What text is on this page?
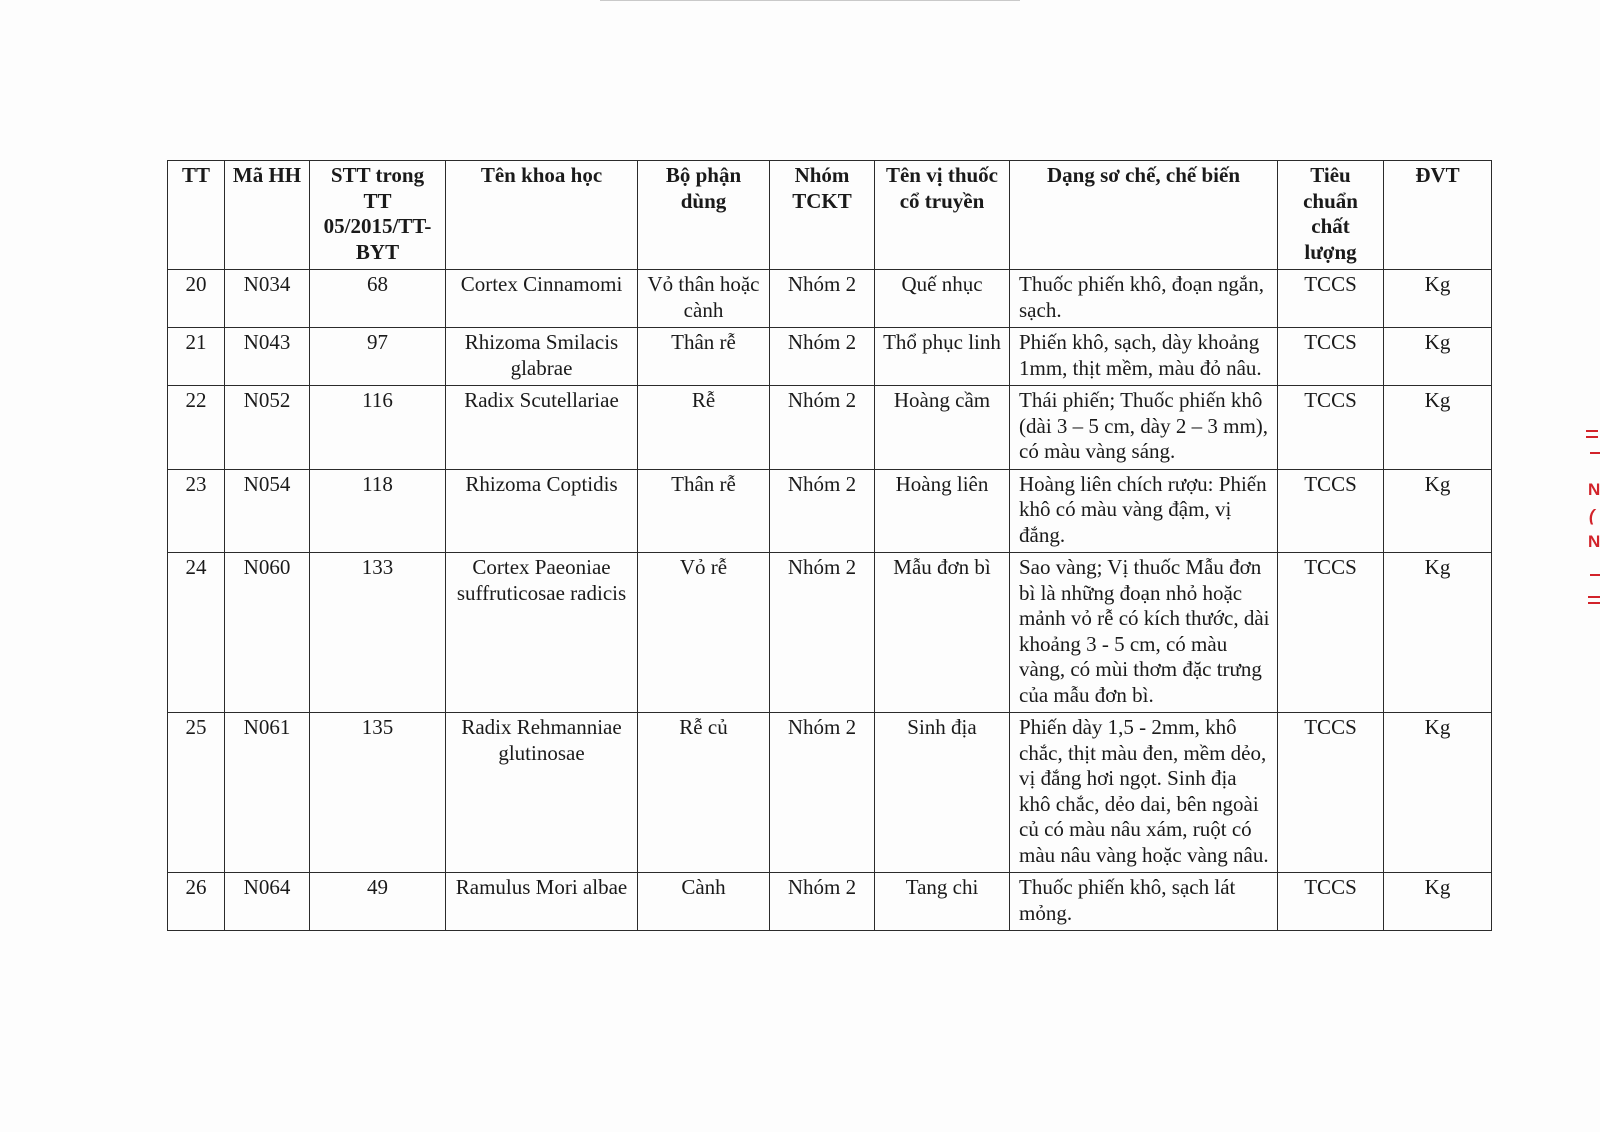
TT	Mã HH	STT trong TT 05/2015/TT-BYT	Tên khoa học	Bộ phận dùng	Nhóm TCKT	Tên vị thuốc cổ truyền	Dạng sơ chế, chế biến	Tiêu chuẩn chất lượng	ĐVT
20	N034	68	Cortex Cinnamomi	Vỏ thân hoặc cành	Nhóm 2	Quế nhục	Thuốc phiến khô, đoạn ngắn, sạch.	TCCS	Kg
21	N043	97	Rhizoma Smilacis glabrae	Thân rễ	Nhóm 2	Thổ phục linh	Phiến khô, sạch, dày khoảng 1mm, thịt mềm, màu đỏ nâu.	TCCS	Kg
22	N052	116	Radix Scutellariae	Rễ	Nhóm 2	Hoàng cầm	Thái phiến; Thuốc phiến khô (dài 3 – 5 cm, dày 2 – 3 mm), có màu vàng sáng.	TCCS	Kg
23	N054	118	Rhizoma Coptidis	Thân rễ	Nhóm 2	Hoàng liên	Hoàng liên chích rượu: Phiến khô có màu vàng đậm, vị đắng.	TCCS	Kg
24	N060	133	Cortex Paeoniae suffruticosae radicis	Vỏ rễ	Nhóm 2	Mẫu đơn bì	Sao vàng; Vị thuốc Mẫu đơn bì là những đoạn nhỏ hoặc mảnh vỏ rễ có kích thước, dài khoảng 3 - 5 cm, có màu vàng, có mùi thơm đặc trưng của mẫu đơn bì.	TCCS	Kg
25	N061	135	Radix Rehmanniae glutinosae	Rễ củ	Nhóm 2	Sinh địa	Phiến dày 1,5 - 2mm, khô chắc, thịt màu đen, mềm dẻo, vị đắng hơi ngọt. Sinh địa khô chắc, dẻo dai, bên ngoài củ có màu nâu xám, ruột có màu nâu vàng hoặc vàng nâu.	TCCS	Kg
26	N064	49	Ramulus Mori albae	Cành	Nhóm 2	Tang chi	Thuốc phiến khô, sạch lát mỏng.	TCCS	Kg
N
(
N
